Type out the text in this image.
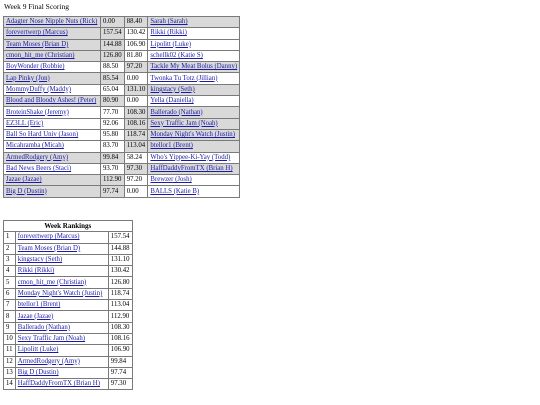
Week 9 Final Scoring
Adagter Nose Nipple Nuts (Rick)	0.00	88.40	Sarah (Sarah)
forevertwerp (Marcus)	157.54	130.42	Rikki (Rikki)
Team Moses (Brian D)	144.88	106.90	Lipolitt (Luke)
cmon_hit_me (Christian)	126.80	81.80	schellk02 (Katie S)
BoyWonder (Robbie)	88.50	97.20	Tackle My Meat Bolus (Danny)
Lap Pinky (Jon)	85.54	0.00	Twonka Tu Totz (Jillian)
MommyDuffy (Maddy)	65.04	131.10	kingstacy (Seth)
Blood and Bloody Ashes! (Peter)	80.90	0.00	Yella (Daniella)
BroteinShake (Jeremy)	77.70	108.30	Ballerado (Nathan)
EZ3LL (Eric)	92.06	108.16	Sexy Traffic Jam (Noah)
Ball So Hard Univ (Jason)	95.80	118.74	Monday Night's Watch (Justin)
Micahramba (Micah)	83.70	113.04	btellor1 (Brent)
ArmedRodgery (Amy)	99.84	58.24	Who's Yippee-Ki-Yay (Todd)
Bad News Beers (Staci)	93.70	97.30	HaffDaddyFromTX (Brian H)
Jazae (Jazae)	112.90	97.20	Brewzer (Josh)
Big D (Dustin)	97.74	0.00	BALLS (Katie B)
Week Rankings		
1	forevertwerp (Marcus)	157.54
2	Team Moses (Brian D)	144.88
3	kingstacy (Seth)	131.10
4	Rikki (Rikki)	130.42
5	cmon_hit_me (Christian)	126.80
6	Monday Night's Watch (Justin)	118.74
7	btellor1 (Brent)	113.04
8	Jazae (Jazae)	112.90
9	Ballerado (Nathan)	108.30
10	Sexy Traffic Jam (Noah)	108.16
11	Lipolitt (Luke)	106.90
12	ArmedRodgery (Amy)	99.84
13	Big D (Dustin)	97.74
14	HaffDaddyFromTX (Brian H)	97.30
